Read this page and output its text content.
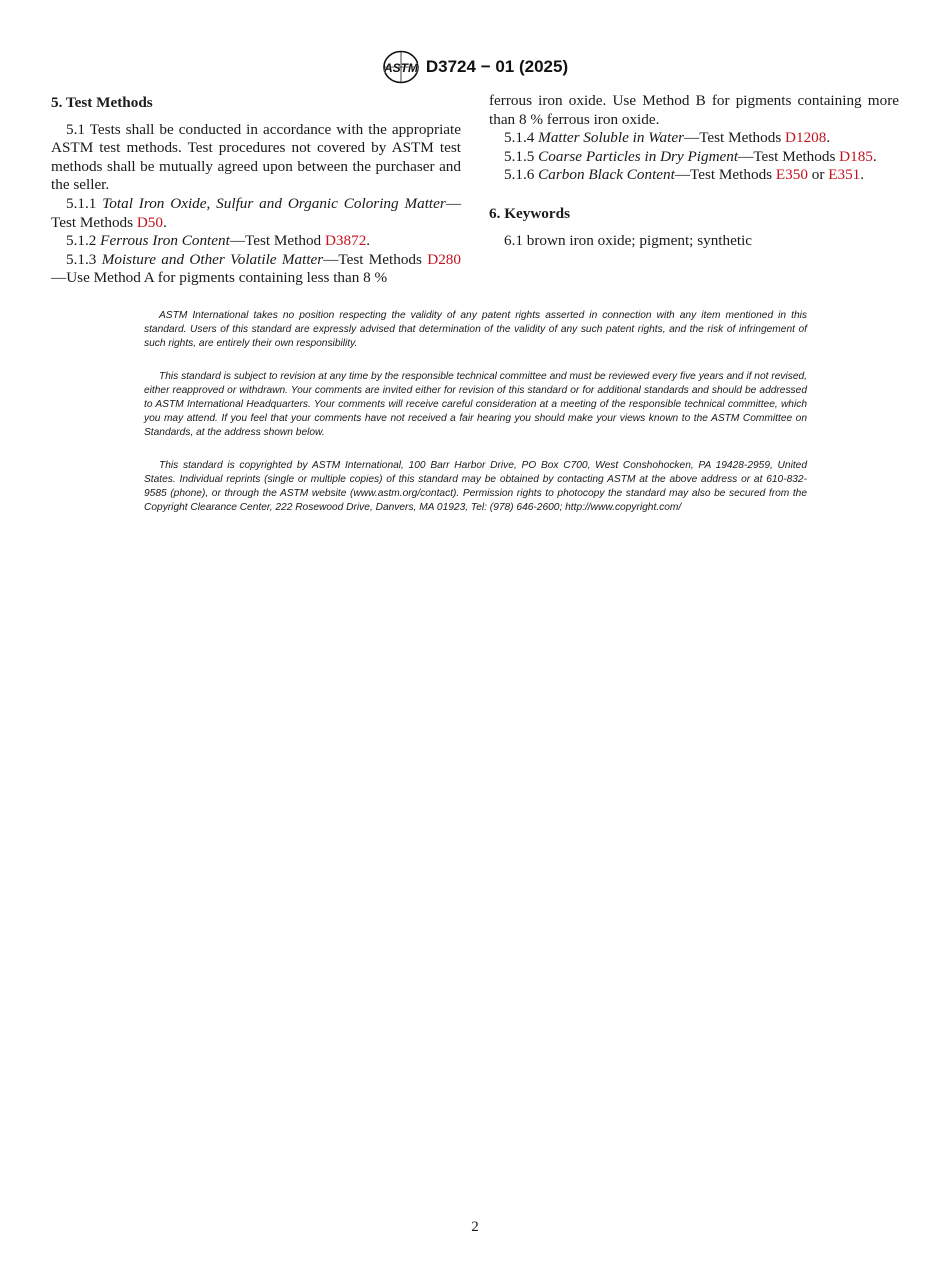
ASTM D3724 − 01 (2025)
5. Test Methods

5.1 Tests shall be conducted in accordance with the appropriate ASTM test methods. Test procedures not covered by ASTM test methods shall be mutually agreed upon between the purchaser and the seller.

5.1.1 Total Iron Oxide, Sulfur and Organic Coloring Matter—Test Methods D50.

5.1.2 Ferrous Iron Content—Test Method D3872.

5.1.3 Moisture and Other Volatile Matter—Test Methods D280—Use Method A for pigments containing less than 8 %

ferrous iron oxide. Use Method B for pigments containing more than 8 % ferrous iron oxide.

5.1.4 Matter Soluble in Water—Test Methods D1208.

5.1.5 Coarse Particles in Dry Pigment—Test Methods D185.

5.1.6 Carbon Black Content—Test Methods E350 or E351.

6. Keywords

6.1 brown iron oxide; pigment; synthetic

ASTM International takes no position respecting the validity of any patent rights asserted in connection with any item mentioned in this standard. Users of this standard are expressly advised that determination of the validity of any such patent rights, and the risk of infringement of such rights, are entirely their own responsibility.

This standard is subject to revision at any time by the responsible technical committee and must be reviewed every five years and if not revised, either reapproved or withdrawn. Your comments are invited either for revision of this standard or for additional standards and should be addressed to ASTM International Headquarters. Your comments will receive careful consideration at a meeting of the responsible technical committee, which you may attend. If you feel that your comments have not received a fair hearing you should make your views known to the ASTM Committee on Standards, at the address shown below.

This standard is copyrighted by ASTM International, 100 Barr Harbor Drive, PO Box C700, West Conshohocken, PA 19428-2959, United States. Individual reprints (single or multiple copies) of this standard may be obtained by contacting ASTM at the above address or at 610-832-9585 (phone), or through the ASTM website (www.astm.org/contact). Permission rights to photocopy the standard may also be secured from the Copyright Clearance Center, 222 Rosewood Drive, Danvers, MA 01923, Tel: (978) 646-2600; http://www.copyright.com/

2
